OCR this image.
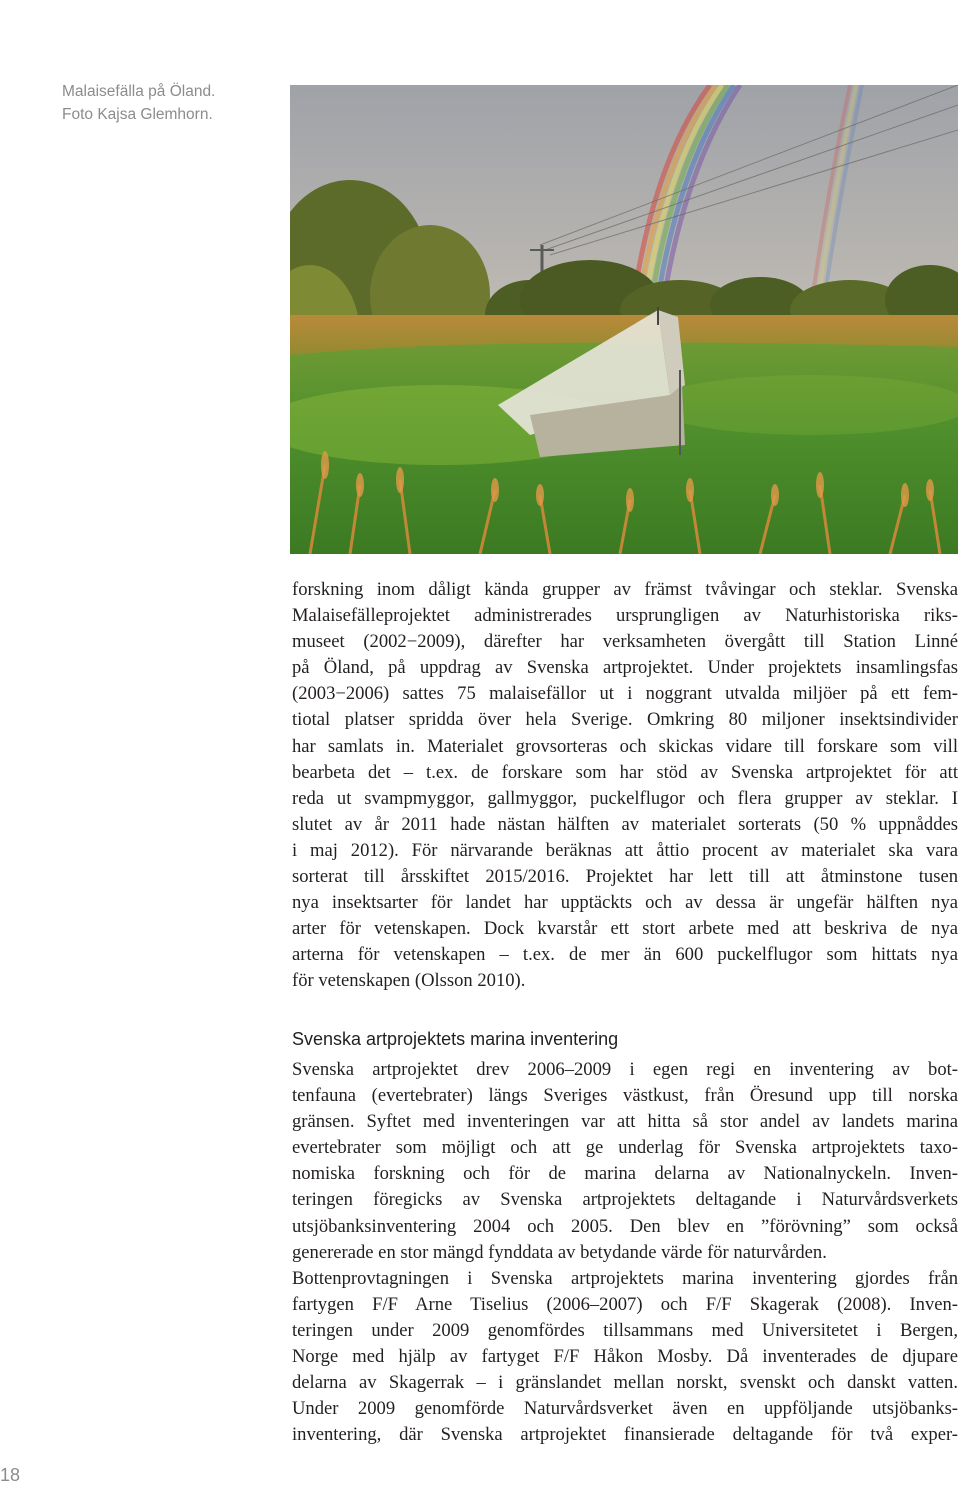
Malaisefälla på Öland.
Foto Kajsa Glemhorn.
forskning inom dåligt kända grupper av främst tvåvingar och steklar. Svenska
Malaisefälleprojektet administrerades ursprungligen av Naturhistoriska riks-
museet (2002−2009), därefter har verksamheten övergått till Station Linné
på Öland, på uppdrag av Svenska artprojektet. Under projektets insamlingsfas
(2003−2006) sattes 75 malaisefällor ut i noggrant utvalda miljöer på ett fem-
tiotal platser spridda över hela Sverige. Omkring 80 miljoner insektsindivider
har samlats in. Materialet grovsorteras och skickas vidare till forskare som vill
bearbeta det – t.ex. de forskare som har stöd av Svenska artprojektet för att
reda ut svampmyggor, gallmyggor, puckelflugor och flera grupper av steklar. I
slutet av år 2011 hade nästan hälften av materialet sorterats (50 % uppnåddes
i maj 2012). För närvarande beräknas att åttio procent av materialet ska vara
sorterat till årsskiftet 2015/2016. Projektet har lett till att åtminstone tusen
nya insektsarter för landet har upptäckts och av dessa är ungefär hälften nya
arter för vetenskapen. Dock kvarstår ett stort arbete med att beskriva de nya
arterna för vetenskapen – t.ex. de mer än 600 puckelflugor som hittats nya
för vetenskapen (Olsson 2010).
Svenska artprojektets marina inventering
Svenska artprojektet drev 2006–2009 i egen regi en inventering av bot-
tenfauna (evertebrater) längs Sveriges västkust, från Öresund upp till norska
gränsen. Syftet med inventeringen var att hitta så stor andel av landets marina
evertebrater som möjligt och att ge underlag för Svenska artprojektets taxo-
nomiska forskning och för de marina delarna av Nationalnyckeln. Inven-
teringen föregicks av Svenska artprojektets deltagande i Naturvårdsverkets
utsjöbanksinventering 2004 och 2005. Den blev en ”förövning” som också
genererade en stor mängd fynddata av betydande värde för naturvården.
Bottenprovtagningen i Svenska artprojektets marina inventering gjordes från
fartygen F/F Arne Tiselius (2006–2007) och F/F Skagerak (2008). Inven-
teringen under 2009 genomfördes tillsammans med Universitetet i Bergen,
Norge med hjälp av fartyget F/F Håkon Mosby. Då inventerades de djupare
delarna av Skagerrak – i gränslandet mellan norskt, svenskt och danskt vatten.
Under 2009 genomförde Naturvårdsverket även en uppföljande utsjöbanks-
inventering, där Svenska artprojektet finansierade deltagande för två exper-
18
